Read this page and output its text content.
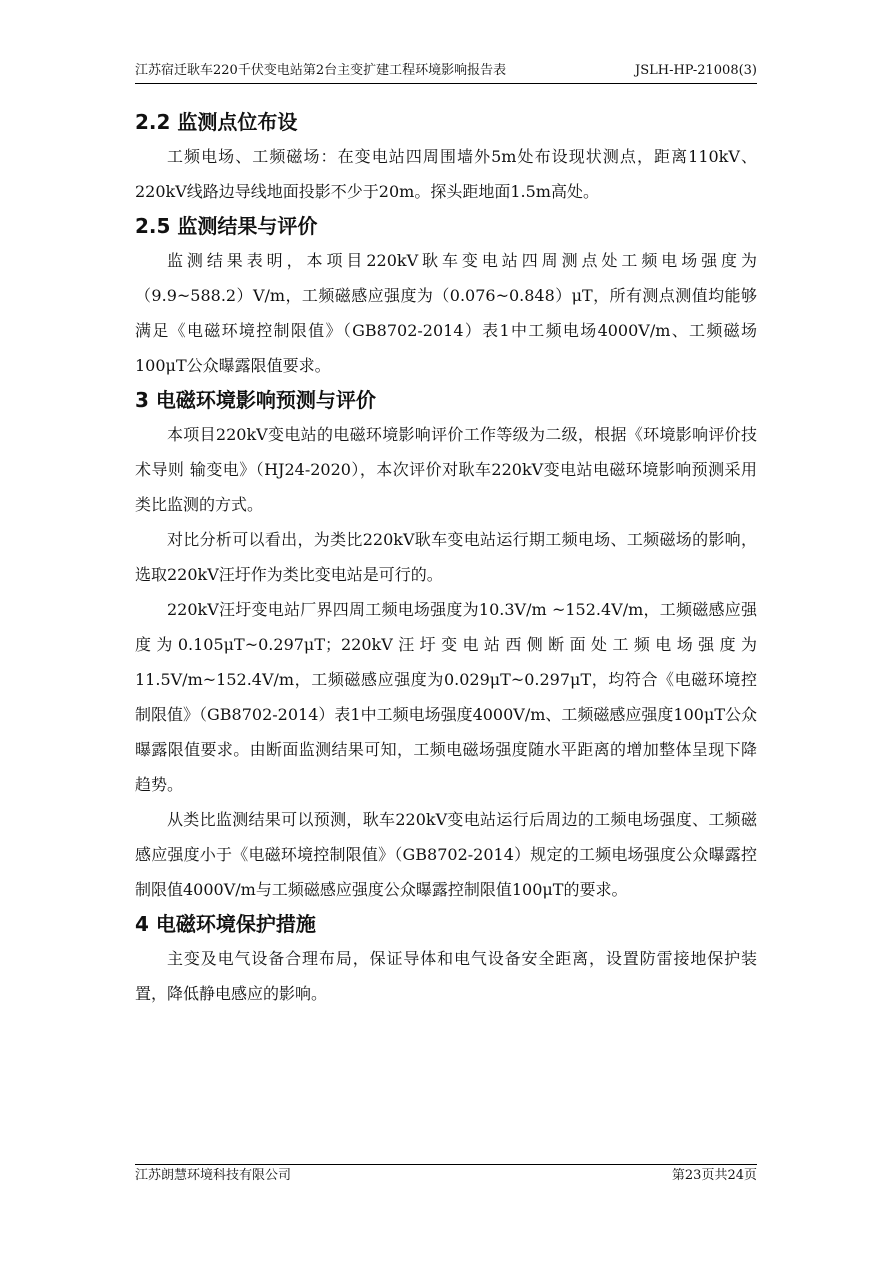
江苏宿迁耿车220千伏变电站第2台主变扩建工程环境影响报告表	JSLH-HP-21008(3)
2.2 监测点位布设

工频电场、工频磁场：在变电站四周围墙外5m处布设现状测点，距离110kV、220kV线路边导线地面投影不少于20m。探头距地面1.5m高处。

2.5 监测结果与评价

监测结果表明，本项目220kV耿车变电站四周测点处工频电场强度为（9.9~588.2）V/m，工频磁感应强度为（0.076~0.848）μT，所有测点测值均能够满足《电磁环境控制限值》（GB8702-2014）表1中工频电场4000V/m、工频磁场100μT公众曝露限值要求。

3 电磁环境影响预测与评价

本项目220kV变电站的电磁环境影响评价工作等级为二级，根据《环境影响评价技术导则 输变电》（HJ24-2020），本次评价对耿车220kV变电站电磁环境影响预测采用类比监测的方式。

对比分析可以看出，为类比220kV耿车变电站运行期工频电场、工频磁场的影响，选取220kV汪圩作为类比变电站是可行的。

220kV汪圩变电站厂界四周工频电场强度为10.3V/m ~152.4V/m，工频磁感应强度为0.105μT~0.297μT；220kV汪圩变电站西侧断面处工频电场强度为11.5V/m~152.4V/m，工频磁感应强度为0.029μT~0.297μT，均符合《电磁环境控制限值》（GB8702-2014）表1中工频电场强度4000V/m、工频磁感应强度100μT公众曝露限值要求。由断面监测结果可知，工频电磁场强度随水平距离的增加整体呈现下降趋势。

从类比监测结果可以预测，耿车220kV变电站运行后周边的工频电场强度、工频磁感应强度小于《电磁环境控制限值》（GB8702-2014）规定的工频电场强度公众曝露控制限值4000V/m与工频磁感应强度公众曝露控制限值100μT的要求。

4 电磁环境保护措施

主变及电气设备合理布局，保证导体和电气设备安全距离，设置防雷接地保护装置，降低静电感应的影响。

江苏朗慧环境科技有限公司	第23页共24页
